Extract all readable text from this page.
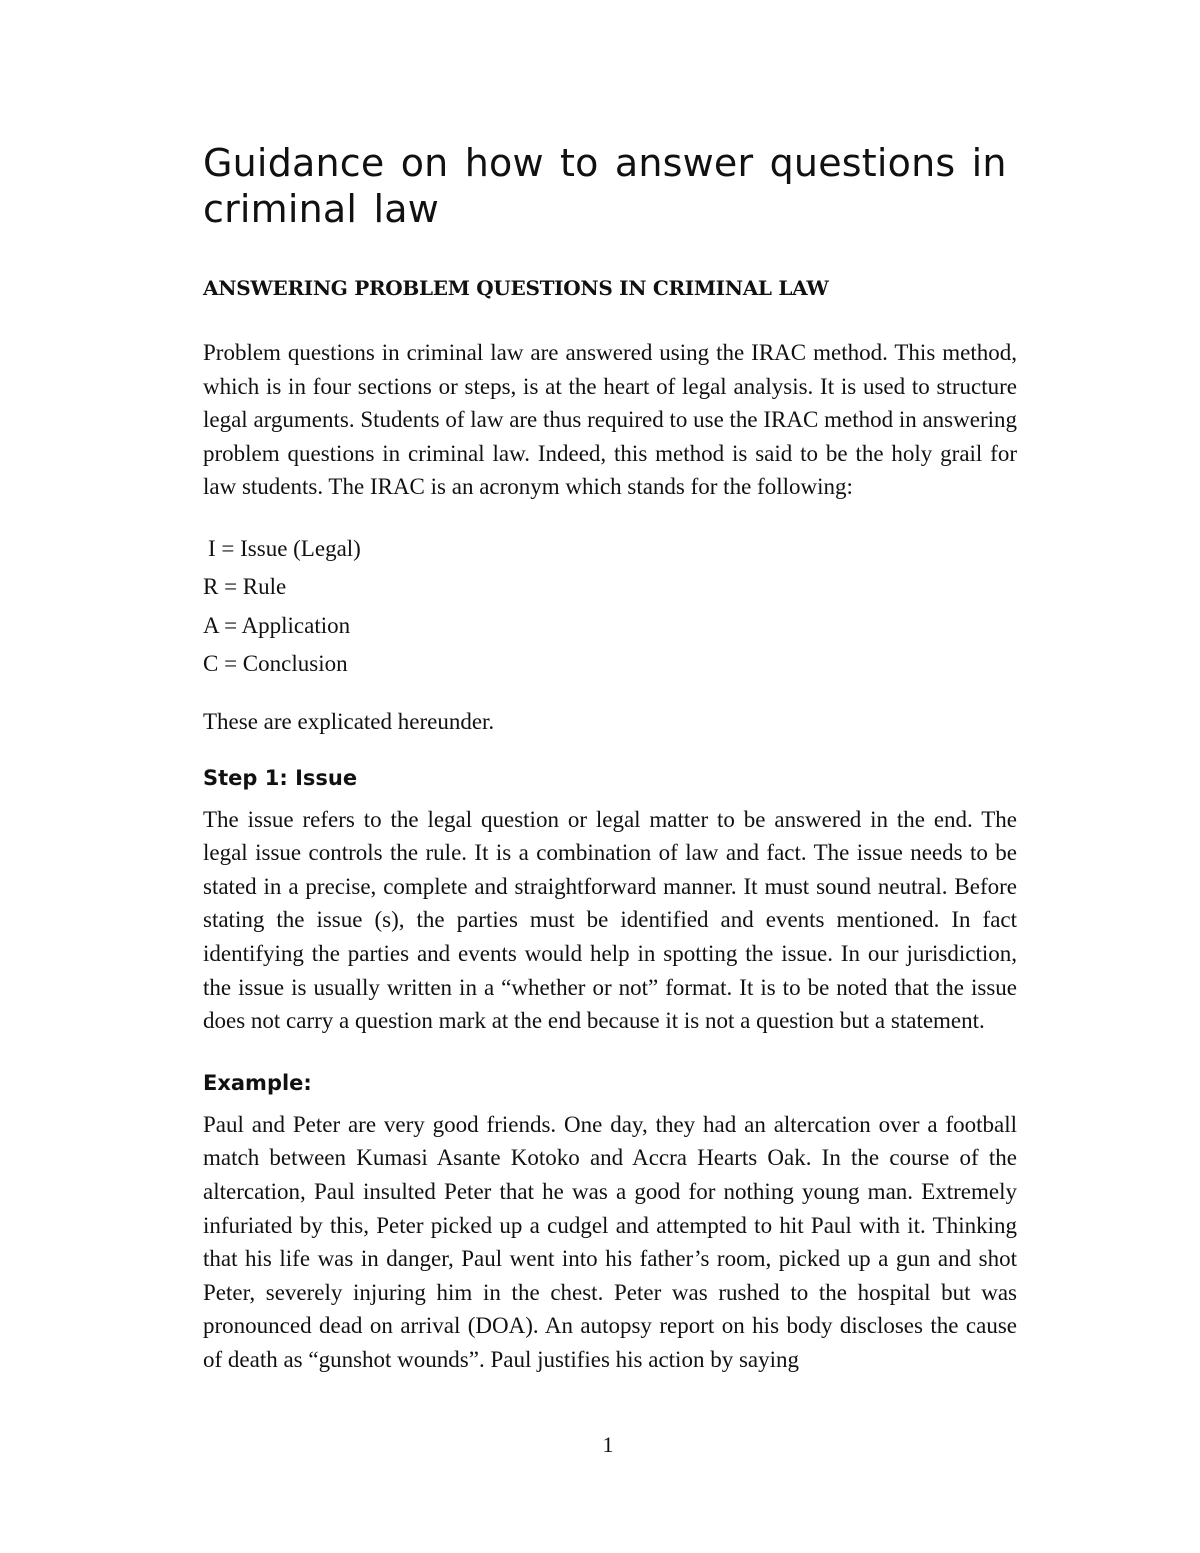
Guidance on how to answer questions in criminal law
ANSWERING PROBLEM QUESTIONS IN CRIMINAL LAW

Problem questions in criminal law are answered using the IRAC method. This method, which is in four sections or steps, is at the heart of legal analysis. It is used to structure legal arguments. Students of law are thus required to use the IRAC method in answering problem questions in criminal law. Indeed, this method is said to be the holy grail for law students. The IRAC is an acronym which stands for the following:

I = Issue (Legal)
R = Rule
A = Application
C = Conclusion

These are explicated hereunder.

Step 1: Issue

The issue refers to the legal question or legal matter to be answered in the end. The legal issue controls the rule. It is a combination of law and fact. The issue needs to be stated in a precise, complete and straightforward manner. It must sound neutral. Before stating the issue (s), the parties must be identified and events mentioned. In fact identifying the parties and events would help in spotting the issue. In our jurisdiction, the issue is usually written in a “whether or not” format. It is to be noted that the issue does not carry a question mark at the end because it is not a question but a statement.

Example:

Paul and Peter are very good friends. One day, they had an altercation over a football match between Kumasi Asante Kotoko and Accra Hearts Oak. In the course of the altercation, Paul insulted Peter that he was a good for nothing young man. Extremely infuriated by this, Peter picked up a cudgel and attempted to hit Paul with it. Thinking that his life was in danger, Paul went into his father’s room, picked up a gun and shot Peter, severely injuring him in the chest. Peter was rushed to the hospital but was pronounced dead on arrival (DOA). An autopsy report on his body discloses the cause of death as “gunshot wounds”. Paul justifies his action by saying

1
